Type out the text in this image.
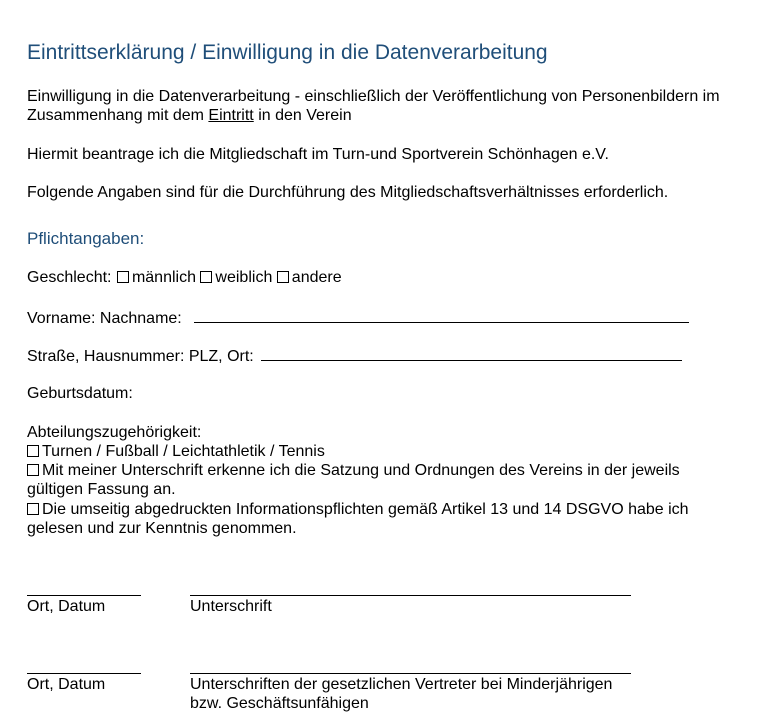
Eintrittserklärung / Einwilligung in die Datenverarbeitung
Einwilligung in die Datenverarbeitung - einschließlich der Veröffentlichung von Personenbildern im
Zusammenhang mit dem Eintritt in den Verein
Hiermit beantrage ich die Mitgliedschaft im Turn-und Sportverein Schönhagen e.V.
Folgende Angaben sind für die Durchführung des Mitgliedschaftsverhältnisses erforderlich.
Pflichtangaben:
Geschlecht: männlich weiblich andere
Vorname: Nachname:
Straße, Hausnummer: PLZ, Ort:
Geburtsdatum:
Abteilungszugehörigkeit:
Turnen / Fußball / Leichtathletik / Tennis
Mit meiner Unterschrift erkenne ich die Satzung und Ordnungen des Vereins in der jeweils
gültigen Fassung an.
Die umseitig abgedruckten Informationspflichten gemäß Artikel 13 und 14 DSGVO habe ich
gelesen und zur Kenntnis genommen.
Ort, Datum	Unterschrift
Ort, Datum	Unterschriften der gesetzlichen Vertreter bei Minderjährigen
bzw. Geschäftsunfähigen
